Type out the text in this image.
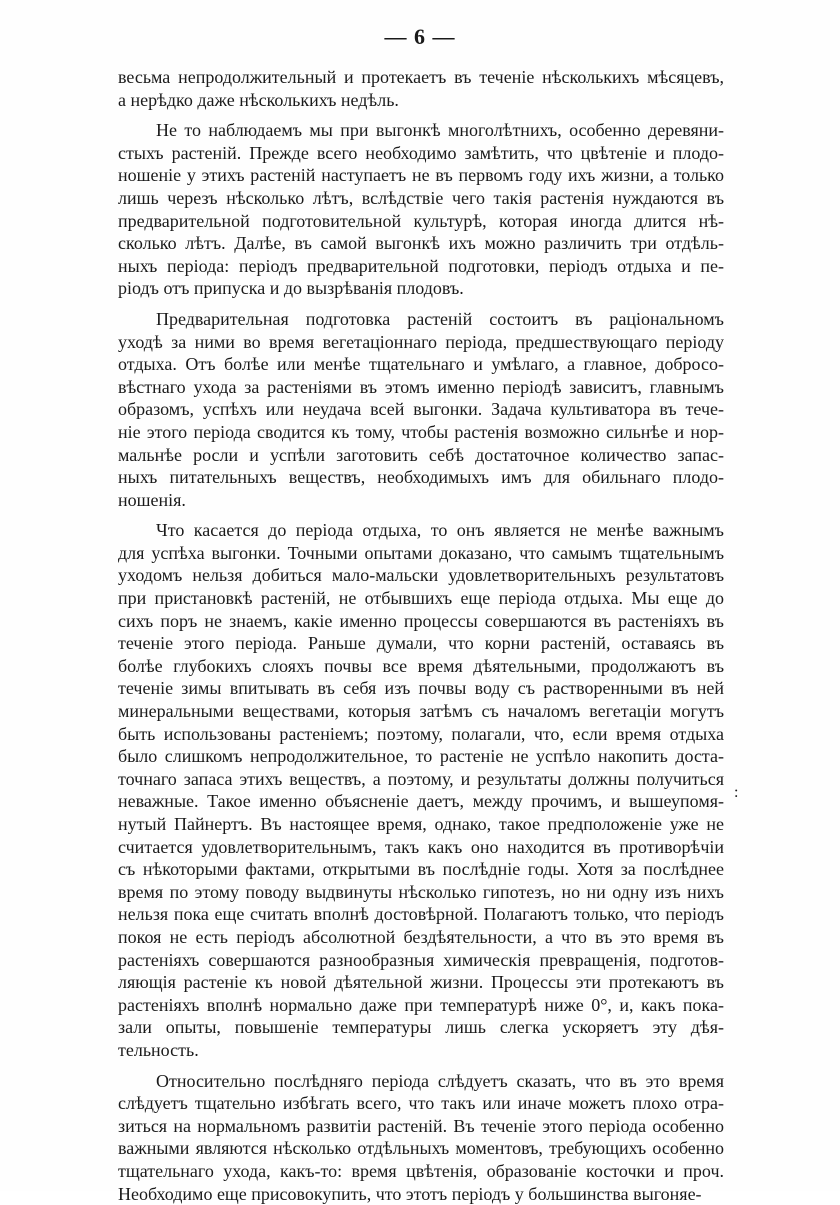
— 6 —
весьма непродолжительный и протекаетъ въ теченіе нѣсколькихъ мѣсяцевъ,
а нерѣдко даже нѣсколькихъ недѣль.
Не то наблюдаемъ мы при выгонкѣ многолѣтнихъ, особенно деревяни-
стыхъ растеній. Прежде всего необходимо замѣтить, что цвѣтеніе и плодо-
ношеніе у этихъ растеній наступаетъ не въ первомъ году ихъ жизни, а только
лишь черезъ нѣсколько лѣтъ, вслѣдствіе чего такія растенія нуждаются въ
предварительной подготовительной культурѣ, которая иногда длится нѣ-
сколько лѣтъ. Далѣе, въ самой выгонкѣ ихъ можно различить три отдѣль-
ныхъ періода: періодъ предварительной подготовки, періодъ отдыха и пе-
ріодъ отъ припуска и до вызрѣванія плодовъ.
Предварительная подготовка растеній состоитъ въ раціональномъ
уходѣ за ними во время вегетаціоннаго періода, предшествующаго періоду
отдыха. Отъ болѣе или менѣе тщательнаго и умѣлаго, а главное, добросо-
вѣстнаго ухода за растеніями въ этомъ именно періодѣ зависитъ, главнымъ
образомъ, успѣхъ или неудача всей выгонки. Задача культиватора въ тече-
ніе этого періода сводится къ тому, чтобы растенія возможно сильнѣе и нор-
мальнѣе росли и успѣли заготовить себѣ достаточное количество запас-
ныхъ питательныхъ веществъ, необходимыхъ имъ для обильнаго плодо-
ношенія.
Что касается до періода отдыха, то онъ является не менѣе важнымъ
для успѣха выгонки. Точными опытами доказано, что самымъ тщательнымъ
уходомъ нельзя добиться мало-мальски удовлетворительныхъ результатовъ
при пристановкѣ растеній, не отбывшихъ еще періода отдыха. Мы еще до
сихъ поръ не знаемъ, какіе именно процессы совершаются въ растеніяхъ въ
теченіе этого періода. Раньше думали, что корни растеній, оставаясь въ
болѣе глубокихъ слояхъ почвы все время дѣятельными, продолжаютъ въ
теченіе зимы впитывать въ себя изъ почвы воду съ растворенными въ ней
минеральными веществами, которыя затѣмъ съ началомъ вегетаціи могутъ
быть использованы растеніемъ; поэтому, полагали, что, если время отдыха
было слишкомъ непродолжительное, то растеніе не успѣло накопить доста-
точнаго запаса этихъ веществъ, а поэтому, и результаты должны получиться
неважные. Такое именно объясненіе даетъ, между прочимъ, и вышеупомя-
нутый Пайнертъ. Въ настоящее время, однако, такое предположеніе уже не
считается удовлетворительнымъ, такъ какъ оно находится въ противорѣчіи
съ нѣкоторыми фактами, открытыми въ послѣдніе годы. Хотя за послѣднее
время по этому поводу выдвинуты нѣсколько гипотезъ, но ни одну изъ нихъ
нельзя пока еще считать вполнѣ достовѣрной. Полагаютъ только, что періодъ
покоя не есть періодъ абсолютной бездѣятельности, а что въ это время въ
растеніяхъ совершаются разнообразныя химическія превращенія, подготов-
ляющія растеніе къ новой дѣятельной жизни. Процессы эти протекаютъ въ
растеніяхъ вполнѣ нормально даже при температурѣ ниже 0°, и, какъ пока-
зали опыты, повышеніе температуры лишь слегка ускоряетъ эту дѣя-
тельность.
Относительно послѣдняго періода слѣдуетъ сказать, что въ это время
слѣдуетъ тщательно избѣгать всего, что такъ или иначе можетъ плохо отра-
зиться на нормальномъ развитіи растеній. Въ теченіе этого періода особенно
важными являются нѣсколько отдѣльныхъ моментовъ, требующихъ особенно
тщательнаго ухода, какъ-то: время цвѣтенія, образованіе косточки и проч.
Необходимо еще присовокупить, что этотъ періодъ у большинства выгоняе-
:
